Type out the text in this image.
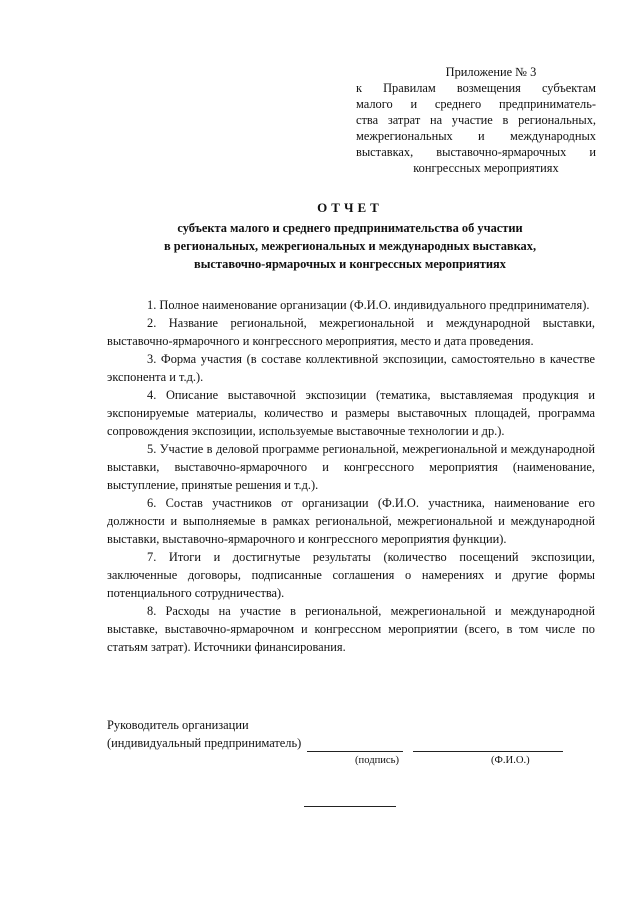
Приложение № 3
к Правилам возмещения субъектам
малого и среднего предприниматель-
ства затрат на участие в региональных,
межрегиональных и международных
выставках, выставочно-ярмарочных и
конгрессных мероприятиях
ОТЧЕТ
субъекта малого и среднего предпринимательства об участии
в региональных, межрегиональных и международных выставках,
выставочно-ярмарочных и конгрессных мероприятиях

1. Полное наименование организации (Ф.И.О. индивидуального предпринимателя).

2. Название региональной, межрегиональной и международной выставки, выставочно-ярмарочного и конгрессного мероприятия, место и дата проведения.

3. Форма участия (в составе коллективной экспозиции, самостоятельно в качестве экспонента и т.д.).

4. Описание выставочной экспозиции (тематика, выставляемая продукция и экспонируемые материалы, количество и размеры выставочных площадей, программа сопровождения экспозиции, используемые выставочные технологии и др.).

5. Участие в деловой программе региональной, межрегиональной и международной выставки, выставочно-ярмарочного и конгрессного мероприятия (наименование, выступление, принятые решения и т.д.).

6. Состав участников от организации (Ф.И.О. участника, наименование его должности и выполняемые в рамках региональной, межрегиональной и международной выставки, выставочно-ярмарочного и конгрессного мероприятия функции).

7. Итоги и достигнутые результаты (количество посещений экспозиции, заключенные договоры, подписанные соглашения о намерениях и другие формы потенциального сотрудничества).

8. Расходы на участие в региональной, межрегиональной и международной выставке, выставочно-ярмарочном и конгрессном мероприятии (всего, в том числе по статьям затрат). Источники финансирования.

Руководитель организации
(индивидуальный предприниматель)
(подпись)	(Ф.И.О.)
